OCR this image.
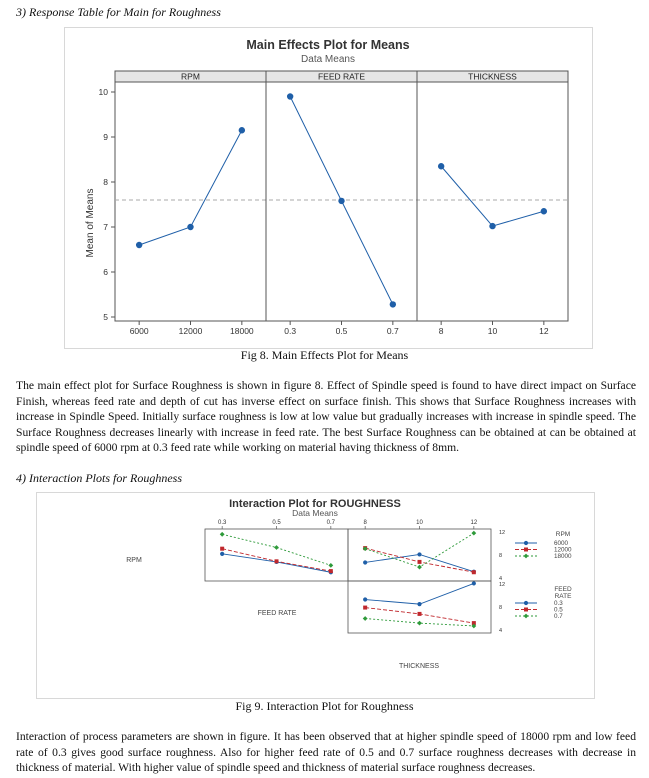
3) Response Table for Main for Roughness
Main Effects Plot for Means
Data Means
Mean of Means
5
6
7
8
9
10
RPM
6000	12000	18000
FEED RATE
0.3	0.5	0.7
THICKNESS
8	10	12
Fig 8. Main Effects Plot for Means
The main effect plot for Surface Roughness is shown in figure 8. Effect of Spindle speed is found to have direct impact on Surface Finish, whereas feed rate and depth of cut has inverse effect on surface finish. This shows that Surface Roughness increases with increase in Spindle Speed. Initially surface roughness is low at low value but gradually increases with increase in spindle speed. The Surface Roughness decreases linearly with increase in feed rate. The best Surface Roughness can be obtained at can be obtained at spindle speed of 6000 rpm at 0.3 feed rate while working on material having thickness of 8mm.
4) Interaction Plots for Roughness
Interaction Plot for ROUGHNESS
Data Means
RPM
FEED RATE
THICKNESS
RPM
FEED
RATE
0.3	0.5	0.7	8	10	12
4
8
12
4
8
12
6000
12000
18000
0.3
0.5
0.7
Fig 9. Interaction Plot for Roughness
Interaction of process parameters are shown in figure. It has been observed that at higher spindle speed of 18000 rpm and low feed rate of 0.3 gives good surface roughness. Also for higher feed rate of 0.5 and 0.7 surface roughness decreases with decrease in thickness of material. With higher value of spindle speed and thickness of material surface roughness decreases.
